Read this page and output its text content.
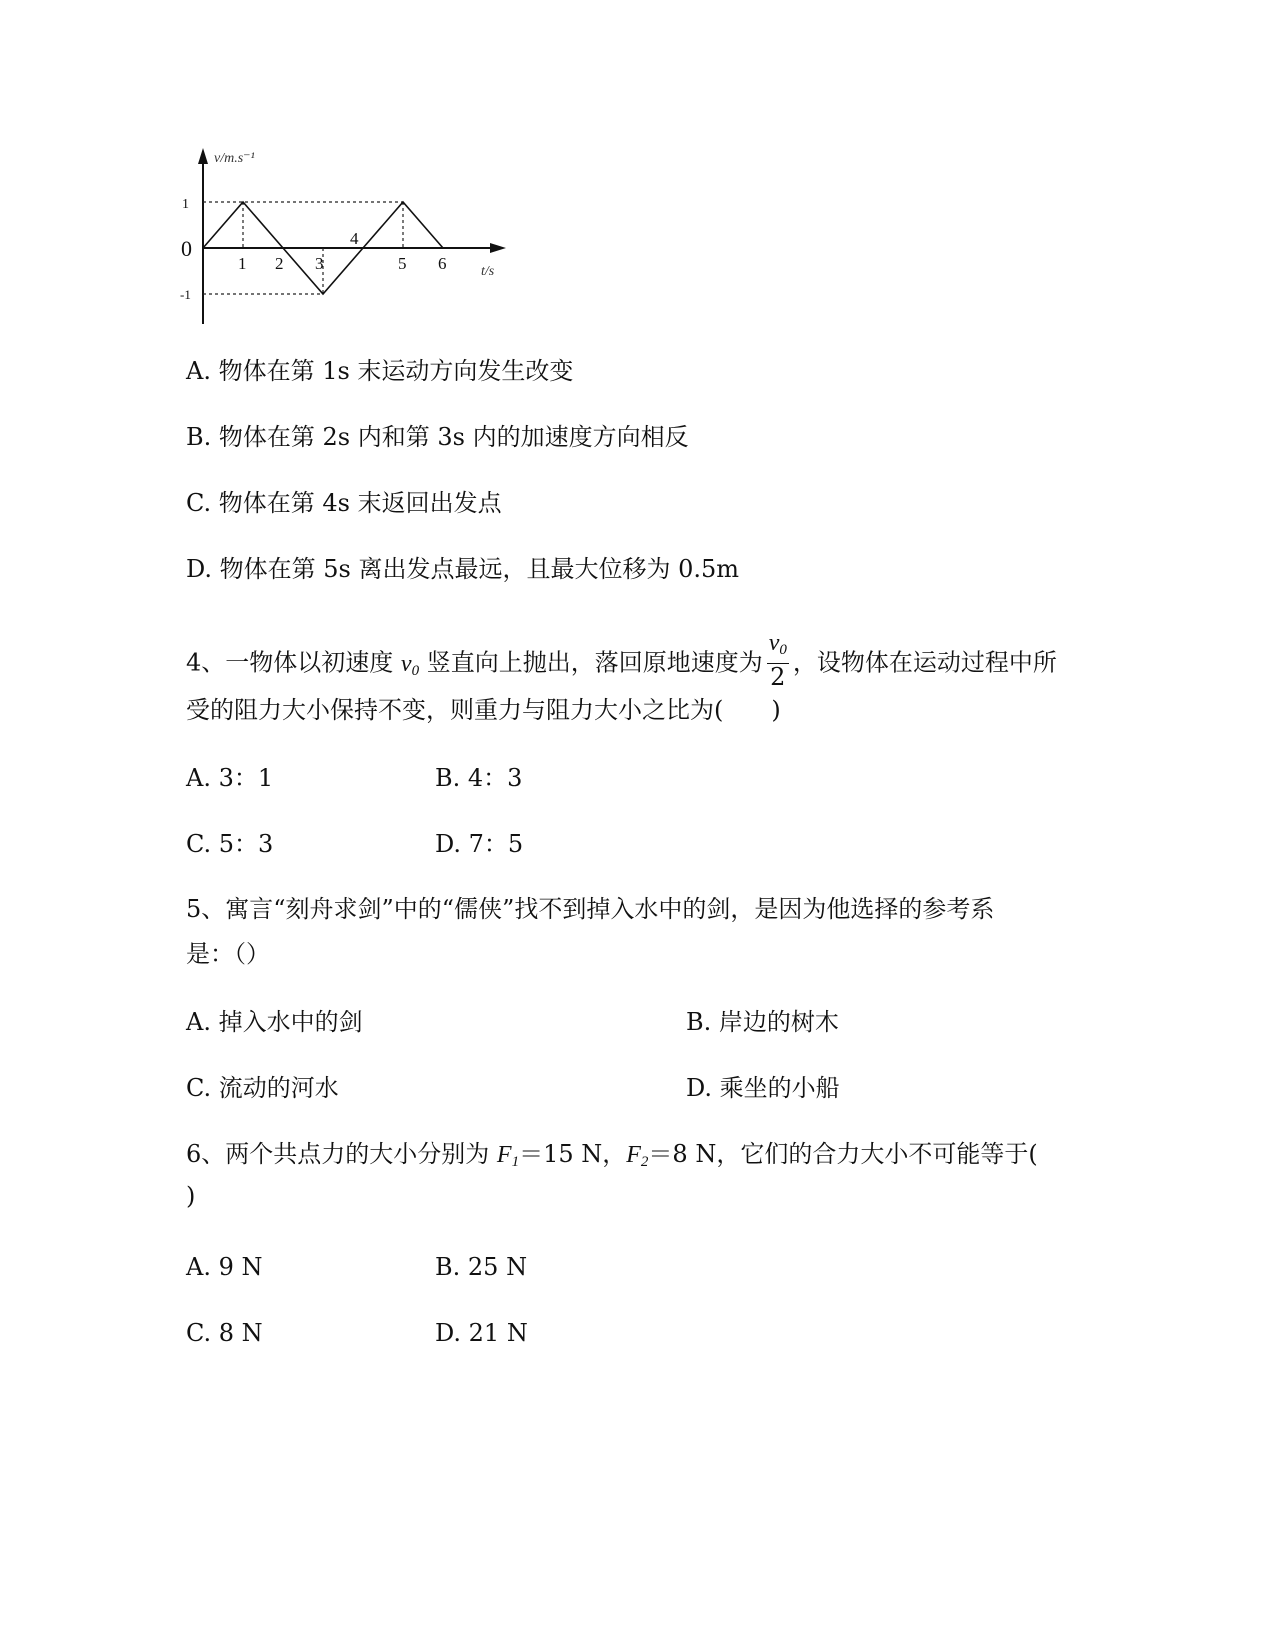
1 2 3
4
5 6
1
-1
0
t/s
v/m.s⁻¹
A. 物体在第 1s 末运动方向发生改变
B. 物体在第 2s 内和第 3s 内的加速度方向相反
C. 物体在第 4s 末返回出发点
D. 物体在第 5s 离出发点最远，且最大位移为 0.5m
4、一物体以初速度 $v_0$ 竖直向上抛出，落回原地速度为 $\frac{v_0}{2}$ ，设物体在运动过程中所
受的阻力大小保持不变，则重力与阻力大小之比为(　　)
A. 3：1	B. 4：3
C. 5：3	D. 7：5
5、寓言“刻舟求剑”中的“儒侠”找不到掉入水中的剑，是因为他选择的参考系
是：（）
A. 掉入水中的剑	B. 岸边的树木
C. 流动的河水	D. 乘坐的小船
6、两个共点力的大小分别为 $F_1=15$ N，$F_2=8$ N，它们的合力大小不可能等于(
)
A. 9 N	B. 25 N
C. 8 N	D. 21 N
